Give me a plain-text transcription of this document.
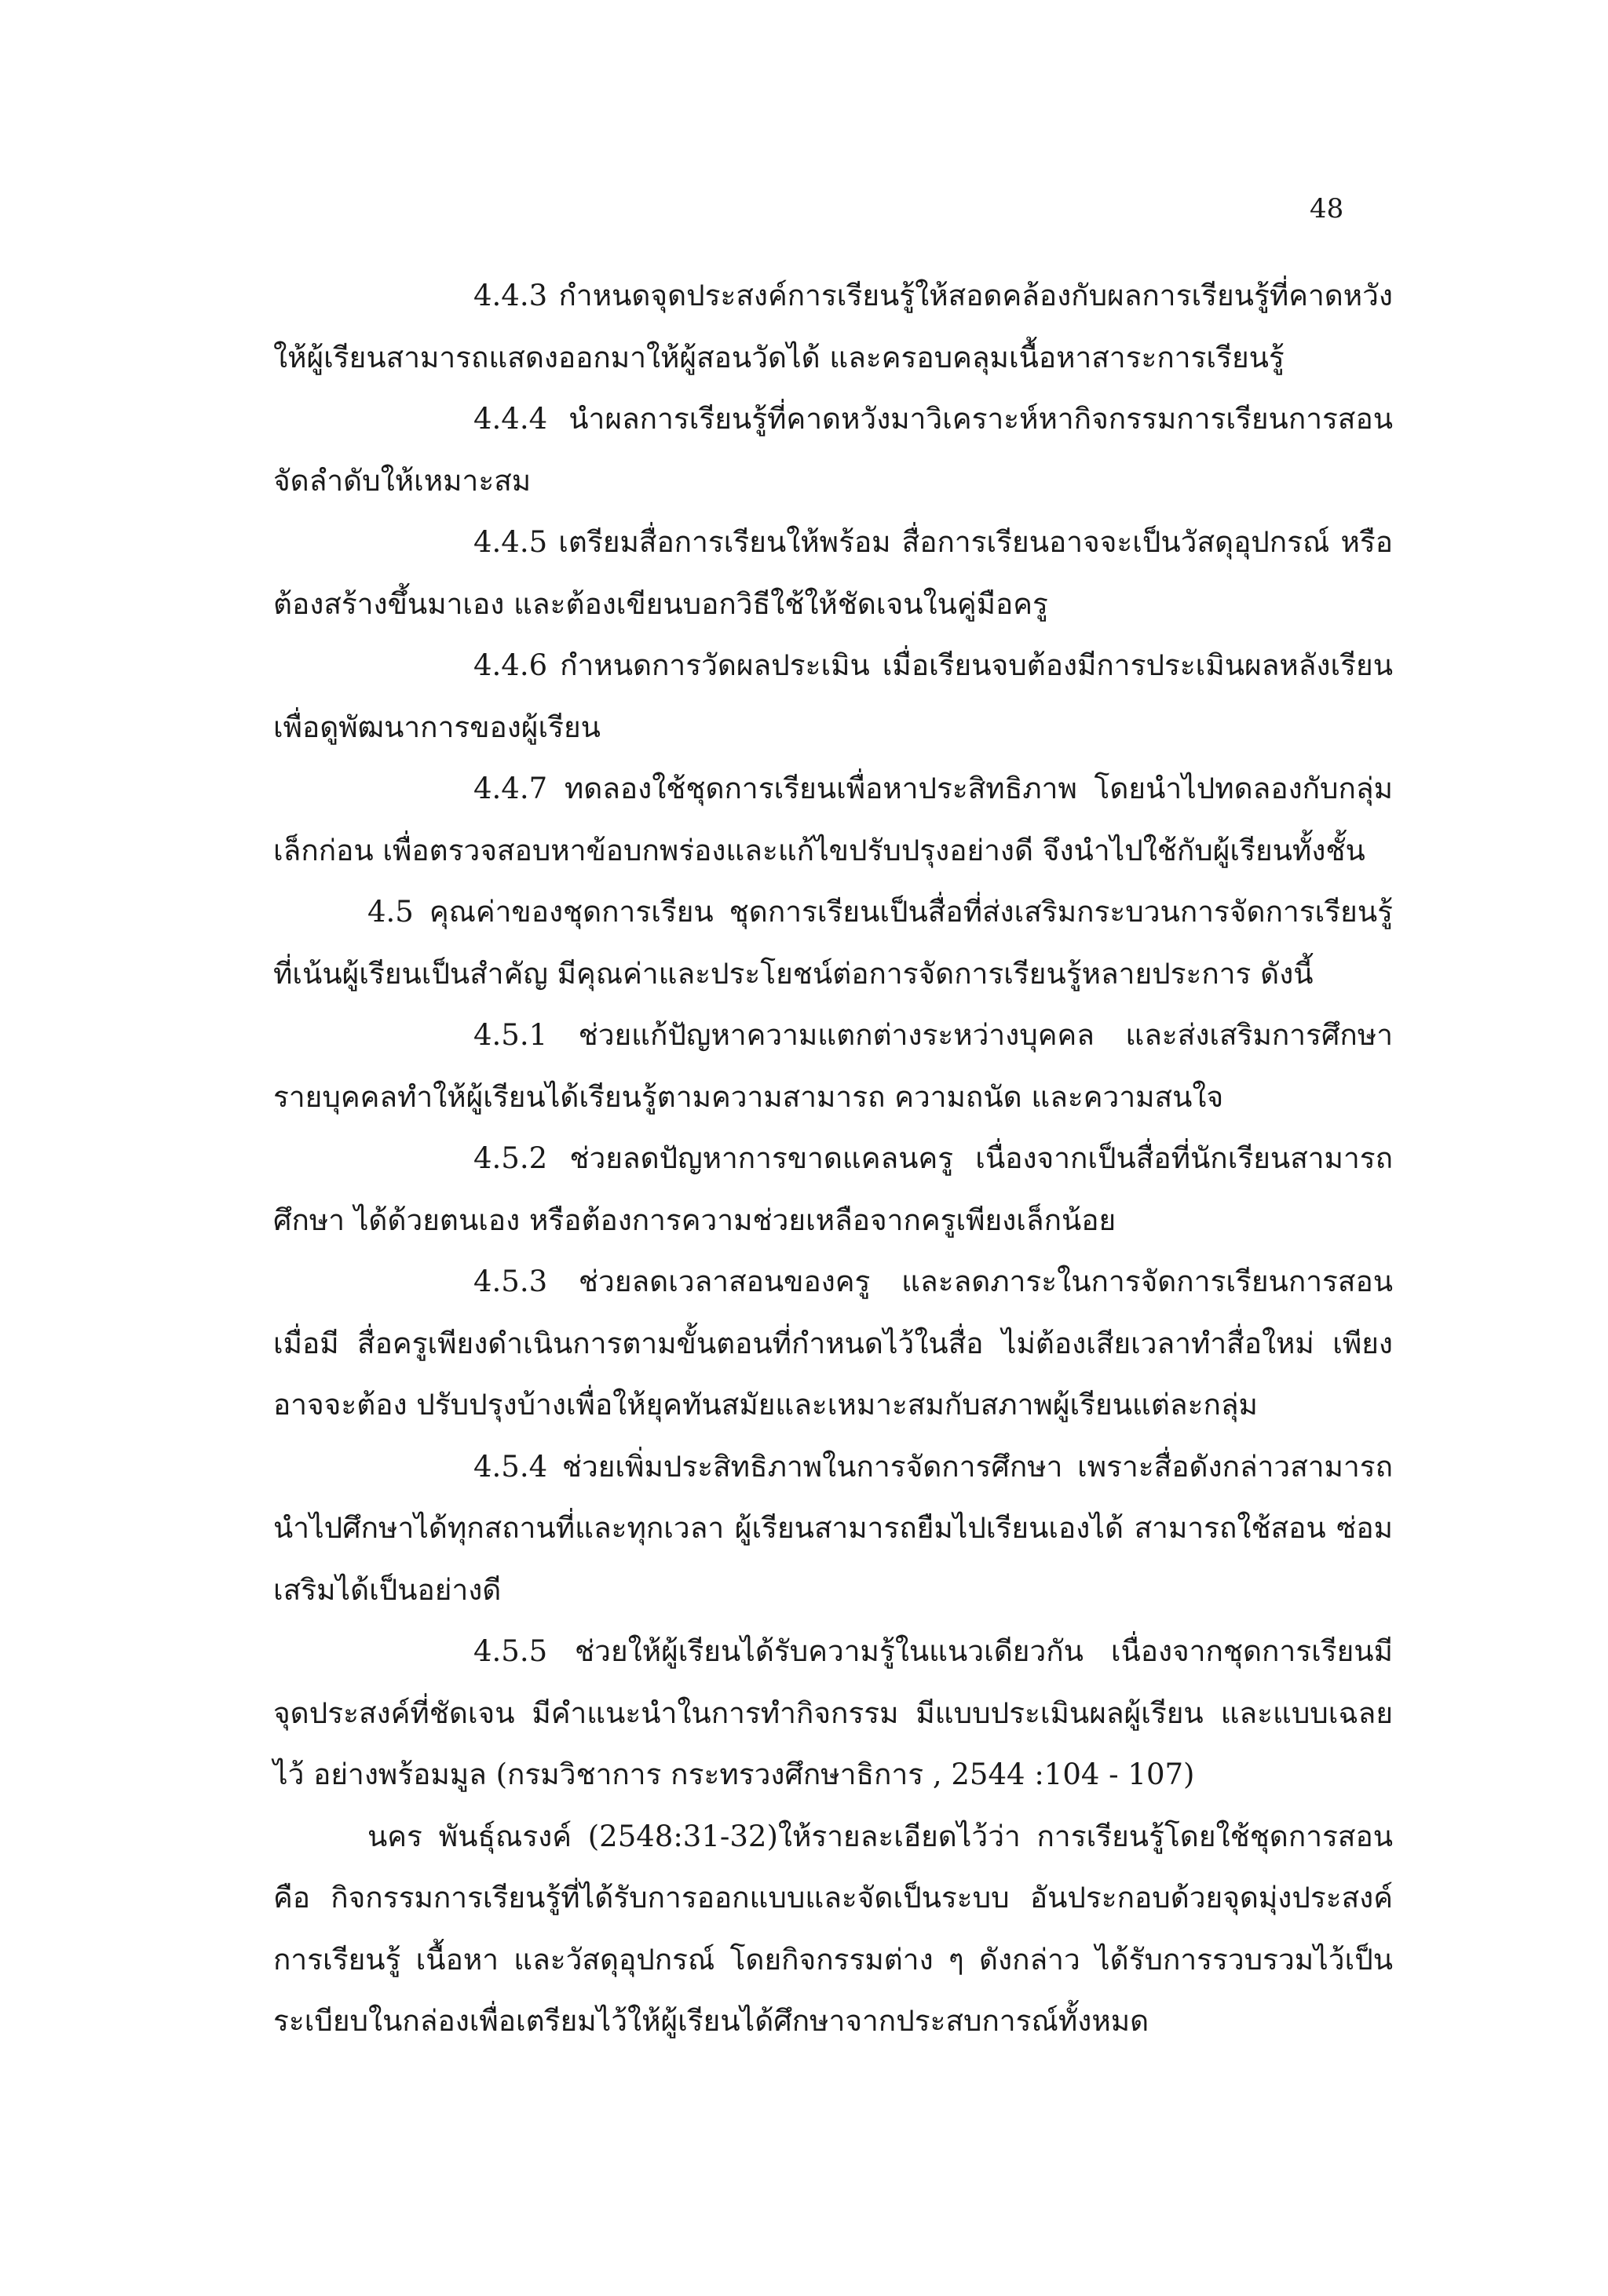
48

4.4.3 กำหนดจุดประสงค์การเรียนรู้ให้สอดคล้องกับผลการเรียนรู้ที่คาดหวัง ให้ผู้เรียนสามารถแสดงออกมาให้ผู้สอนวัดได้ และครอบคลุมเนื้อหาสาระการเรียนรู้

4.4.4 นำผลการเรียนรู้ที่คาดหวังมาวิเคราะห์หากิจกรรมการเรียนการสอน จัดลำดับให้เหมาะสม

4.4.5 เตรียมสื่อการเรียนให้พร้อม สื่อการเรียนอาจจะเป็นวัสดุอุปกรณ์ หรือ ต้องสร้างขึ้นมาเอง และต้องเขียนบอกวิธีใช้ให้ชัดเจนในคู่มือครู

4.4.6 กำหนดการวัดผลประเมิน เมื่อเรียนจบต้องมีการประเมินผลหลังเรียน เพื่อดูพัฒนาการของผู้เรียน

4.4.7 ทดลองใช้ชุดการเรียนเพื่อหาประสิทธิภาพ โดยนำไปทดลองกับกลุ่ม เล็กก่อน เพื่อตรวจสอบหาข้อบกพร่องและแก้ไขปรับปรุงอย่างดี จึงนำไปใช้กับผู้เรียนทั้งชั้น

4.5 คุณค่าของชุดการเรียน ชุดการเรียนเป็นสื่อที่ส่งเสริมกระบวนการจัดการเรียนรู้ ที่เน้นผู้เรียนเป็นสำคัญ มีคุณค่าและประโยชน์ต่อการจัดการเรียนรู้หลายประการ ดังนี้

4.5.1 ช่วยแก้ปัญหาความแตกต่างระหว่างบุคคล และส่งเสริมการศึกษา รายบุคคลทำให้ผู้เรียนได้เรียนรู้ตามความสามารถ ความถนัด และความสนใจ

4.5.2 ช่วยลดปัญหาการขาดแคลนครู เนื่องจากเป็นสื่อที่นักเรียนสามารถศึกษา ได้ด้วยตนเอง หรือต้องการความช่วยเหลือจากครูเพียงเล็กน้อย

4.5.3 ช่วยลดเวลาสอนของครู และลดภาระในการจัดการเรียนการสอน เมื่อมี สื่อครูเพียงดำเนินการตามขั้นตอนที่กำหนดไว้ในสื่อ ไม่ต้องเสียเวลาทำสื่อใหม่ เพียงอาจจะต้อง ปรับปรุงบ้างเพื่อให้ยุคทันสมัยและเหมาะสมกับสภาพผู้เรียนแต่ละกลุ่ม

4.5.4 ช่วยเพิ่มประสิทธิภาพในการจัดการศึกษา เพราะสื่อดังกล่าวสามารถ นำไปศึกษาได้ทุกสถานที่และทุกเวลา ผู้เรียนสามารถยืมไปเรียนเองได้ สามารถใช้สอน ซ่อมเสริมได้เป็นอย่างดี

4.5.5 ช่วยให้ผู้เรียนได้รับความรู้ในแนวเดียวกัน เนื่องจากชุดการเรียนมี จุดประสงค์ที่ชัดเจน มีคำแนะนำในการทำกิจกรรม มีแบบประเมินผลผู้เรียน และแบบเฉลยไว้ อย่างพร้อมมูล (กรมวิชาการ กระทรวงศึกษาธิการ , 2544 :104 - 107)

นคร พันธุ์ณรงค์ (2548:31-32)ให้รายละเอียดไว้ว่า การเรียนรู้โดยใช้ชุดการสอน คือ กิจกรรมการเรียนรู้ที่ได้รับการออกแบบและจัดเป็นระบบ อันประกอบด้วยจุดมุ่งประสงค์ การเรียนรู้ เนื้อหา และวัสดุอุปกรณ์ โดยกิจกรรมต่าง ๆ ดังกล่าว ได้รับการรวบรวมไว้เป็น ระเบียบในกล่องเพื่อเตรียมไว้ให้ผู้เรียนได้ศึกษาจากประสบการณ์ทั้งหมด
